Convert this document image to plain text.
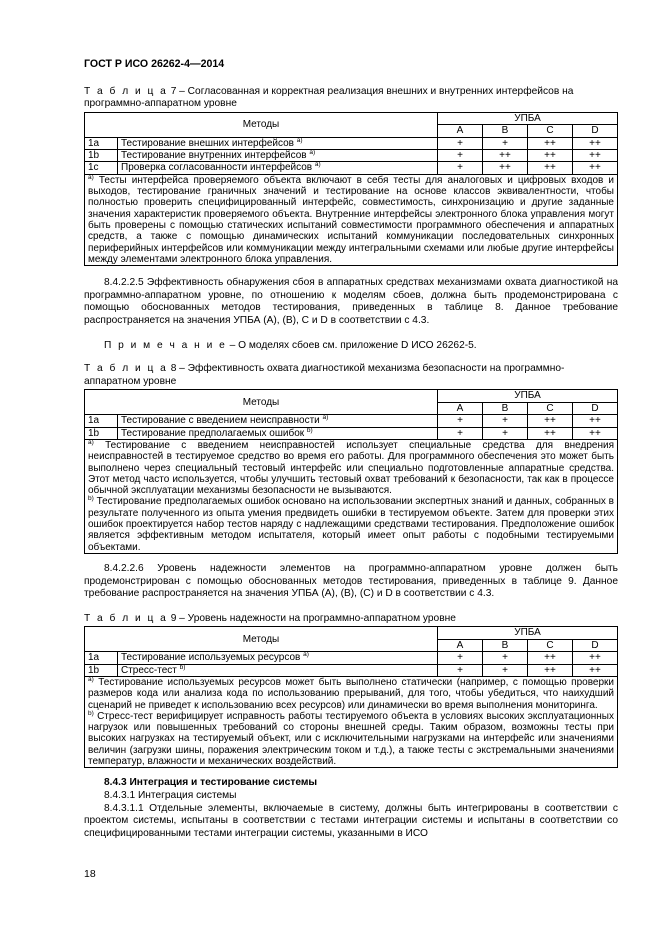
ГОСТ Р ИСО 26262-4—2014
Т а б л и ц а 7 – Согласованная и корректная реализация внешних и внутренних интерфейсов на программно-аппаратном уровне
Методы		УПБА			
		A	B	C	D
1a	Тестирование внешних интерфейсов $^{a)}$	+	+	++	++
1b	Тестирование внутренних интерфейсов $^{a)}$	+	++	++	++
1c	Проверка согласованности интерфейсов $^{a)}$	+	++	++	++
$^{a)}$ Тесты интерфейса проверяемого объекта включают в себя тесты для аналоговых и цифровых входов и выходов, тестирование граничных значений и тестирование на основе классов эквивалентности, чтобы полностью проверить специфицированный интерфейс, совместимость, синхронизацию и другие заданные значения характеристик проверяемого объекта. Внутренние интерфейсы электронного блока управления могут быть проверены с помощью статических испытаний совместимости программного обеспечения и аппаратных средств, а также с помощью динамических испытаний коммуникации последовательных синхронных периферийных интерфейсов или коммуникации между интегральными схемами или любые другие интерфейсы между элементами электронного блока управления.					

8.4.2.2.5 Эффективность обнаружения сбоя в аппаратных средствах механизмами охвата диагностикой на программно-аппаратном уровне, по отношению к моделям сбоев, должна быть продемонстрирована с помощью обоснованных методов тестирования, приведенных в таблице 8. Данное требование распространяется на значения УПБА (A), (B), C и D в соответствии с 4.3.

П р и м е ч а н и е – О моделях сбоев см. приложение D ИСО 26262-5.

Т а б л и ц а 8 – Эффективность охвата диагностикой механизма безопасности на программно-аппаратном уровне
Методы		УПБА			
		A	B	C	D
1a	Тестирование с введением неисправности $^{a)}$	+	+	++	++
1b	Тестирование предполагаемых ошибок $^{b)}$	+	+	++	++

$^{a)}$ Тестирование с введением неисправностей использует специальные средства для внедрения неисправностей в тестируемое средство во время его работы. Для программного обеспечения это может быть выполнено через специальный тестовый интерфейс или специально подготовленные аппаратные средства. Этот метод часто используется, чтобы улучшить тестовый охват требований к безопасности, так как в процессе обычной эксплуатации механизмы безопасности не вызываются.
$^{b)}$ Тестирование предполагаемых ошибок основано на использовании экспертных знаний и данных, собранных в результате полученного из опыта умения предвидеть ошибки в тестируемом объекте. Затем для проверки этих ошибок проектируется набор тестов наряду с надлежащими средствами тестирования. Предположение ошибок является эффективным методом испытателя, который имеет опыт работы с подобными тестируемыми объектами.					

8.4.2.2.6 Уровень надежности элементов на программно-аппаратном уровне должен быть продемонстрирован с помощью обоснованных методов тестирования, приведенных в таблице 9. Данное требование распространяется на значения УПБА (A), (B), (C) и D в соответствии с 4.3.

Т а б л и ц а 9 – Уровень надежности на программно-аппаратном уровне
Методы		УПБА			
		A	B	C	D
1a	Тестирование используемых ресурсов $^{a)}$	+	+	++	++
1b	Стресс-тест $^{b)}$	+	+	++	++

$^{a)}$ Тестирование используемых ресурсов может быть выполнено статически (например, с помощью проверки размеров кода или анализа кода по использованию прерываний, для того, чтобы убедиться, что наихудший сценарий не приведет к использованию всех ресурсов) или динамически во время выполнения мониторинга.
$^{b)}$ Стресс-тест верифицирует исправность работы тестируемого объекта в условиях высоких эксплуатационных нагрузок или повышенных требований со стороны внешней среды. Таким образом, возможны тесты при высоких нагрузках на тестируемый объект, или с исключительными нагрузками на интерфейс или значениями величин (загрузки шины, поражения электрическим током и т.д.), а также тесты с экстремальными значениями температур, влажности и механических воздействий.					

8.4.3 Интеграция и тестирование системы

8.4.3.1 Интеграция системы

8.4.3.1.1 Отдельные элементы, включаемые в систему, должны быть интегрированы в соответствии с проектом системы, испытаны в соответствии с тестами интеграции системы и испытаны в соответствии со специфицированными тестами интеграции системы, указанными в ИСО

18
